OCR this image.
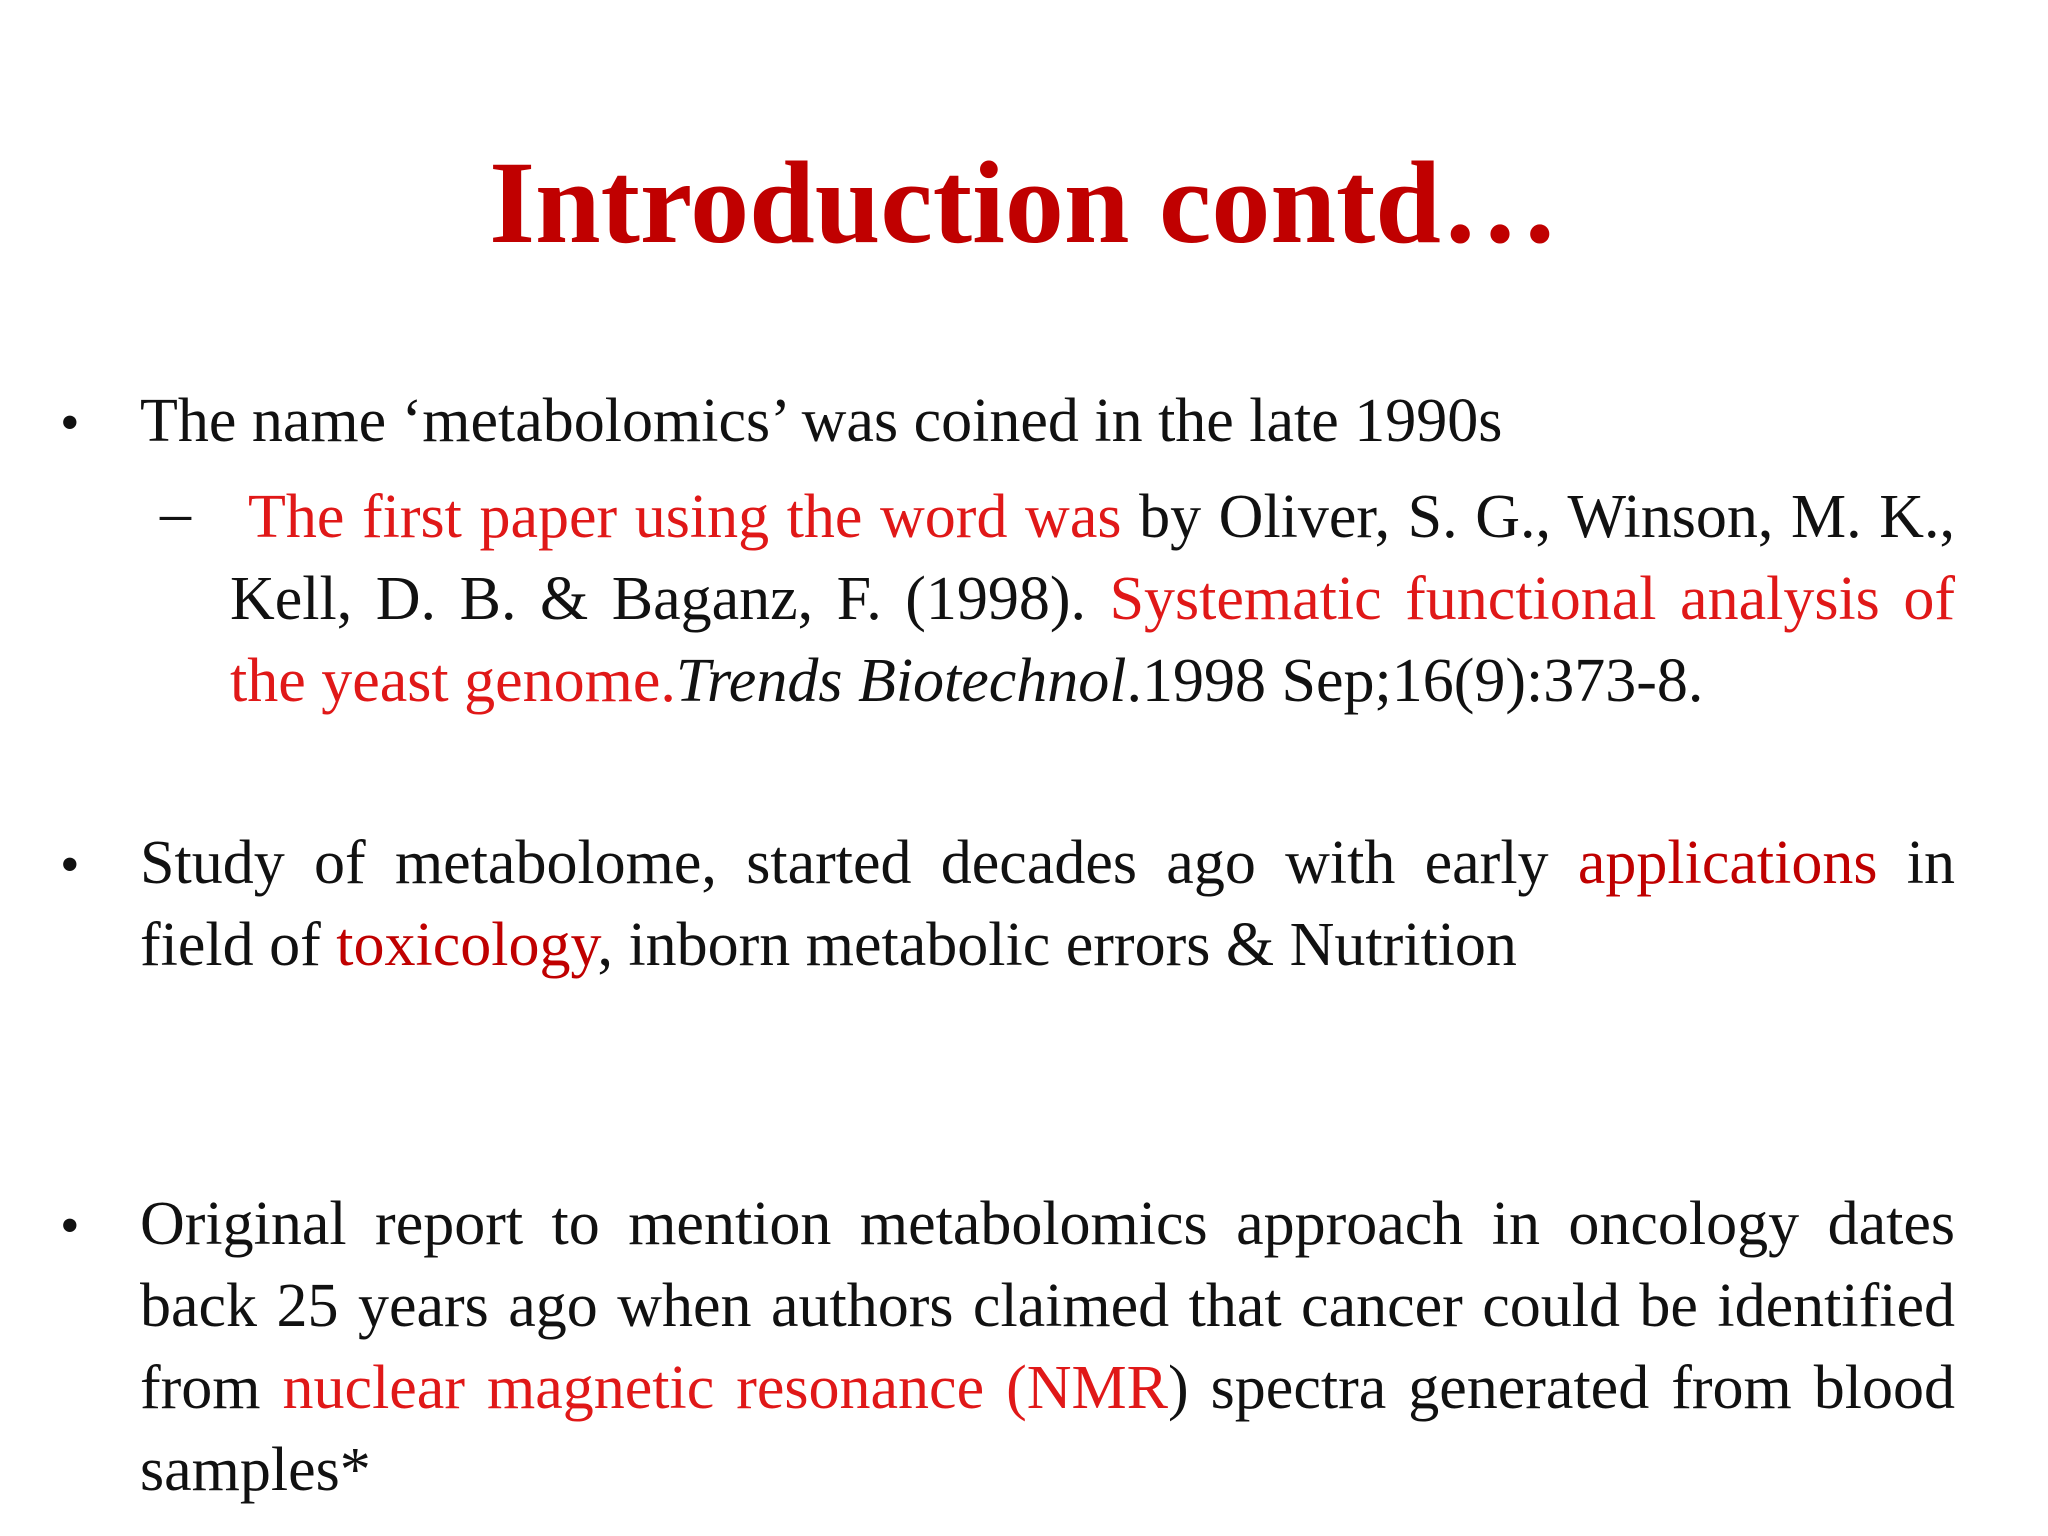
Introduction contd…
• The name ‘metabolomics’ was coined in the late 1990s
– The first paper using the word was by Oliver, S. G., Winson, M. K., Kell, D. B. & Baganz, F. (1998). Systematic functional analysis of the yeast genome.Trends Biotechnol.1998 Sep;16(9):373-8.
• Study of metabolome, started decades ago with early applications in field of toxicology, inborn metabolic errors & Nutrition
• Original report to mention metabolomics approach in oncology dates back 25 years ago when authors claimed that cancer could be identified from nuclear magnetic resonance (NMR) spectra generated from blood samples*
